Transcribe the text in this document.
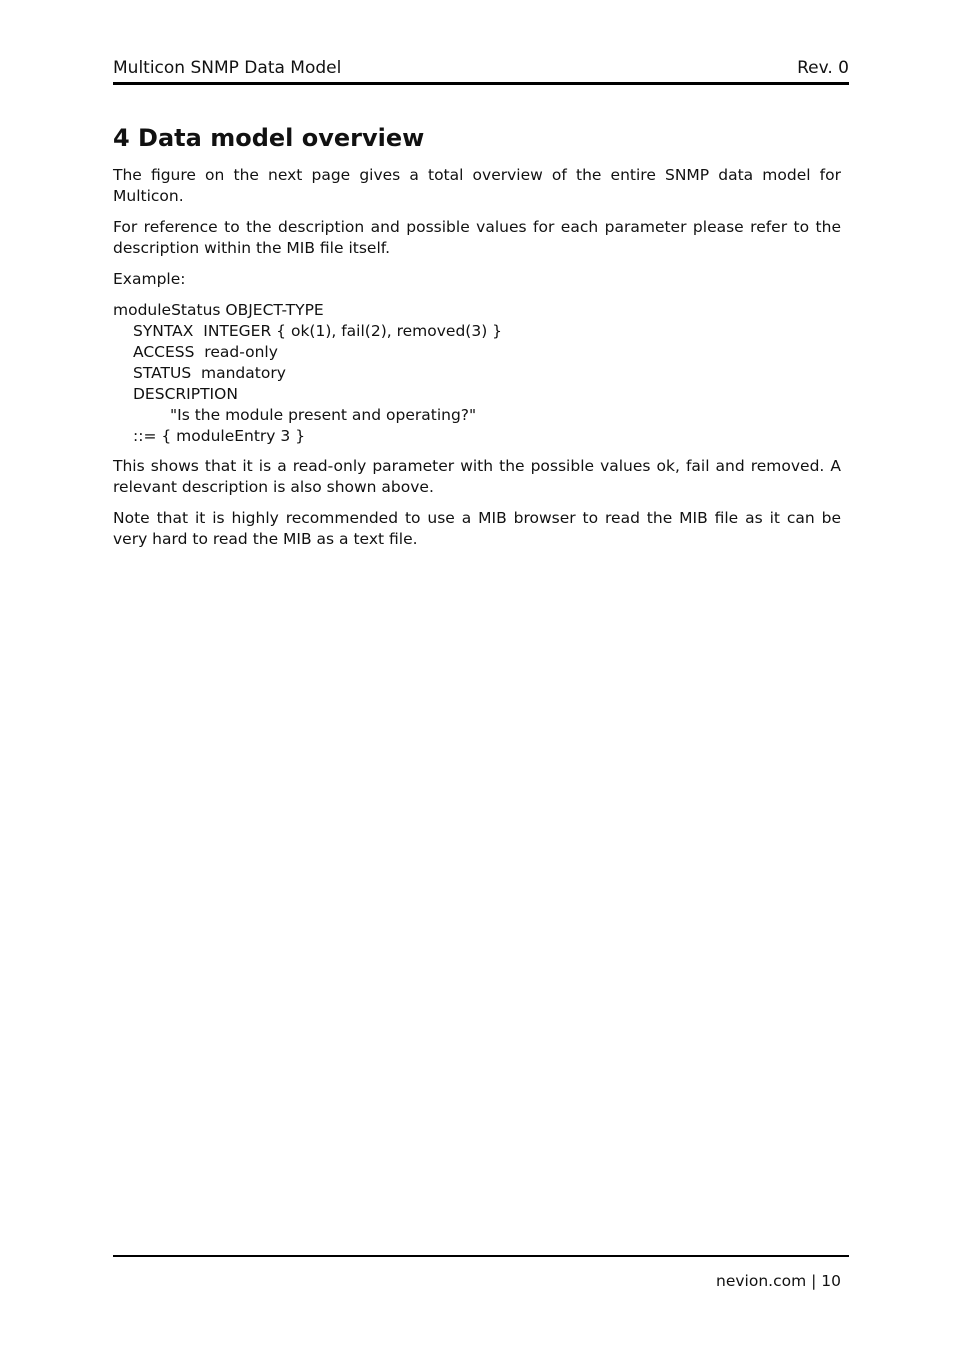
Multicon SNMP Data Model	Rev. 0
4 Data model overview

The figure on the next page gives a total overview of the entire SNMP data model for Multicon.

For reference to the description and possible values for each parameter please refer to the description within the MIB file itself.

Example:

moduleStatus OBJECT-TYPE
SYNTAX  INTEGER { ok(1), fail(2), removed(3) }
ACCESS  read-only
STATUS  mandatory
DESCRIPTION
"Is the module present and operating?"
::= { moduleEntry 3 }

This shows that it is a read-only parameter with the possible values ok, fail and removed. A relevant description is also shown above.

Note that it is highly recommended to use a MIB browser to read the MIB file as it can be very hard to read the MIB as a text file.

nevion.com | 10
